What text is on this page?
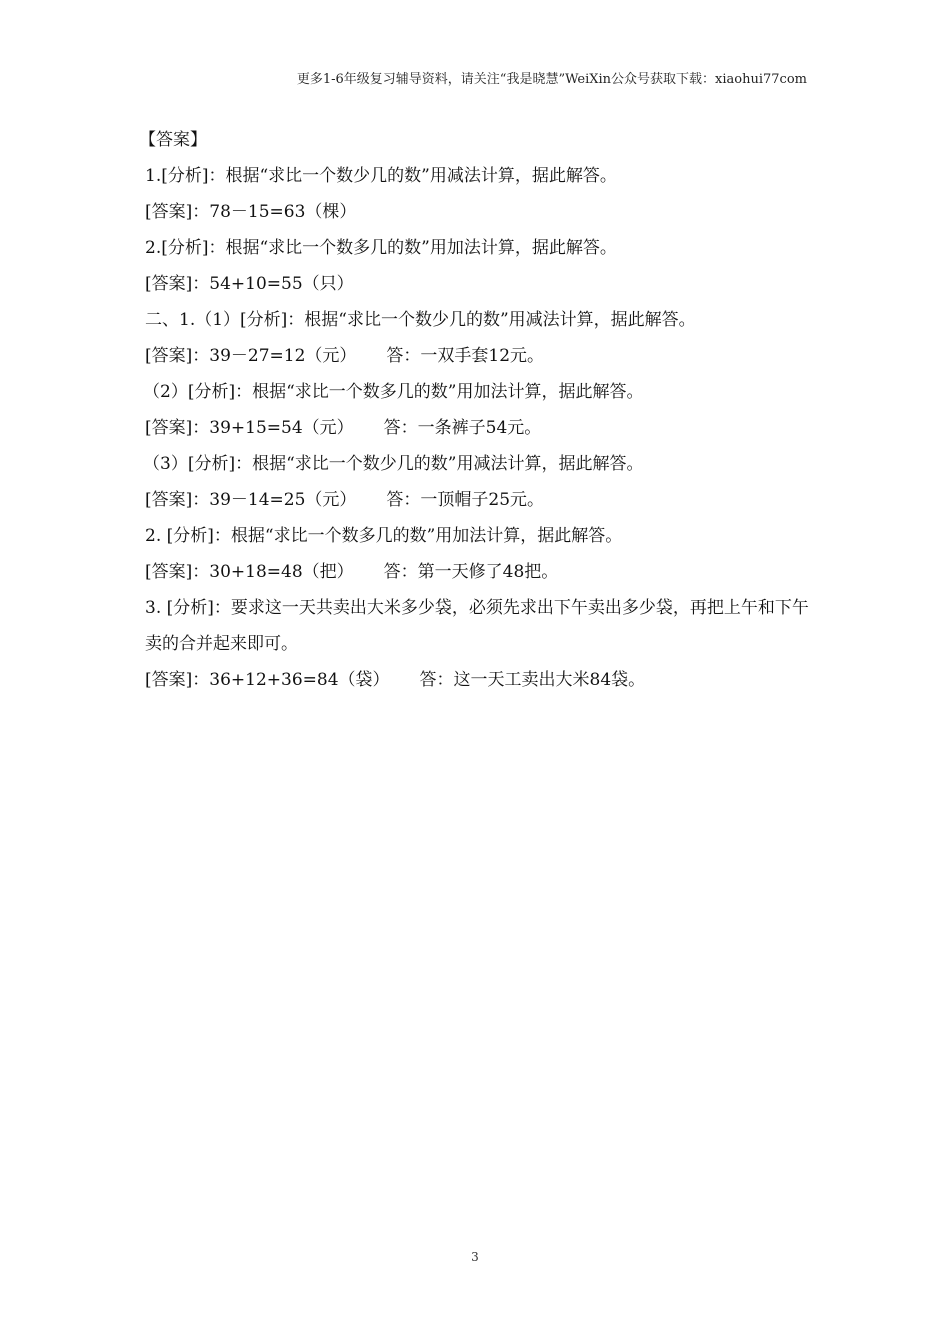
更多1-6年级复习辅导资料，请关注“我是晓慧”WeiXin公众号获取下载：xiaohui77com
【答案】
1.[分析]：根据“求比一个数少几的数”用减法计算，据此解答。
[答案]：78－15=63（棵）
2.[分析]：根据“求比一个数多几的数”用加法计算，据此解答。
[答案]：54+10=55（只）
二、1.（1）[分析]：根据“求比一个数少几的数”用减法计算，据此解答。
[答案]：39－27=12（元） 答：一双手套12元。
（2）[分析]：根据“求比一个数多几的数”用加法计算，据此解答。
[答案]：39+15=54（元） 答：一条裤子54元。
（3）[分析]：根据“求比一个数少几的数”用减法计算，据此解答。
[答案]：39－14=25（元） 答：一顶帽子25元。
2. [分析]：根据“求比一个数多几的数”用加法计算，据此解答。
[答案]：30+18=48（把） 答：第一天修了48把。
3. [分析]：要求这一天共卖出大米多少袋，必须先求出下午卖出多少袋，再把上午和下午卖的合并起来即可。
[答案]：36+12+36=84（袋） 答：这一天工卖出大米84袋。
3
